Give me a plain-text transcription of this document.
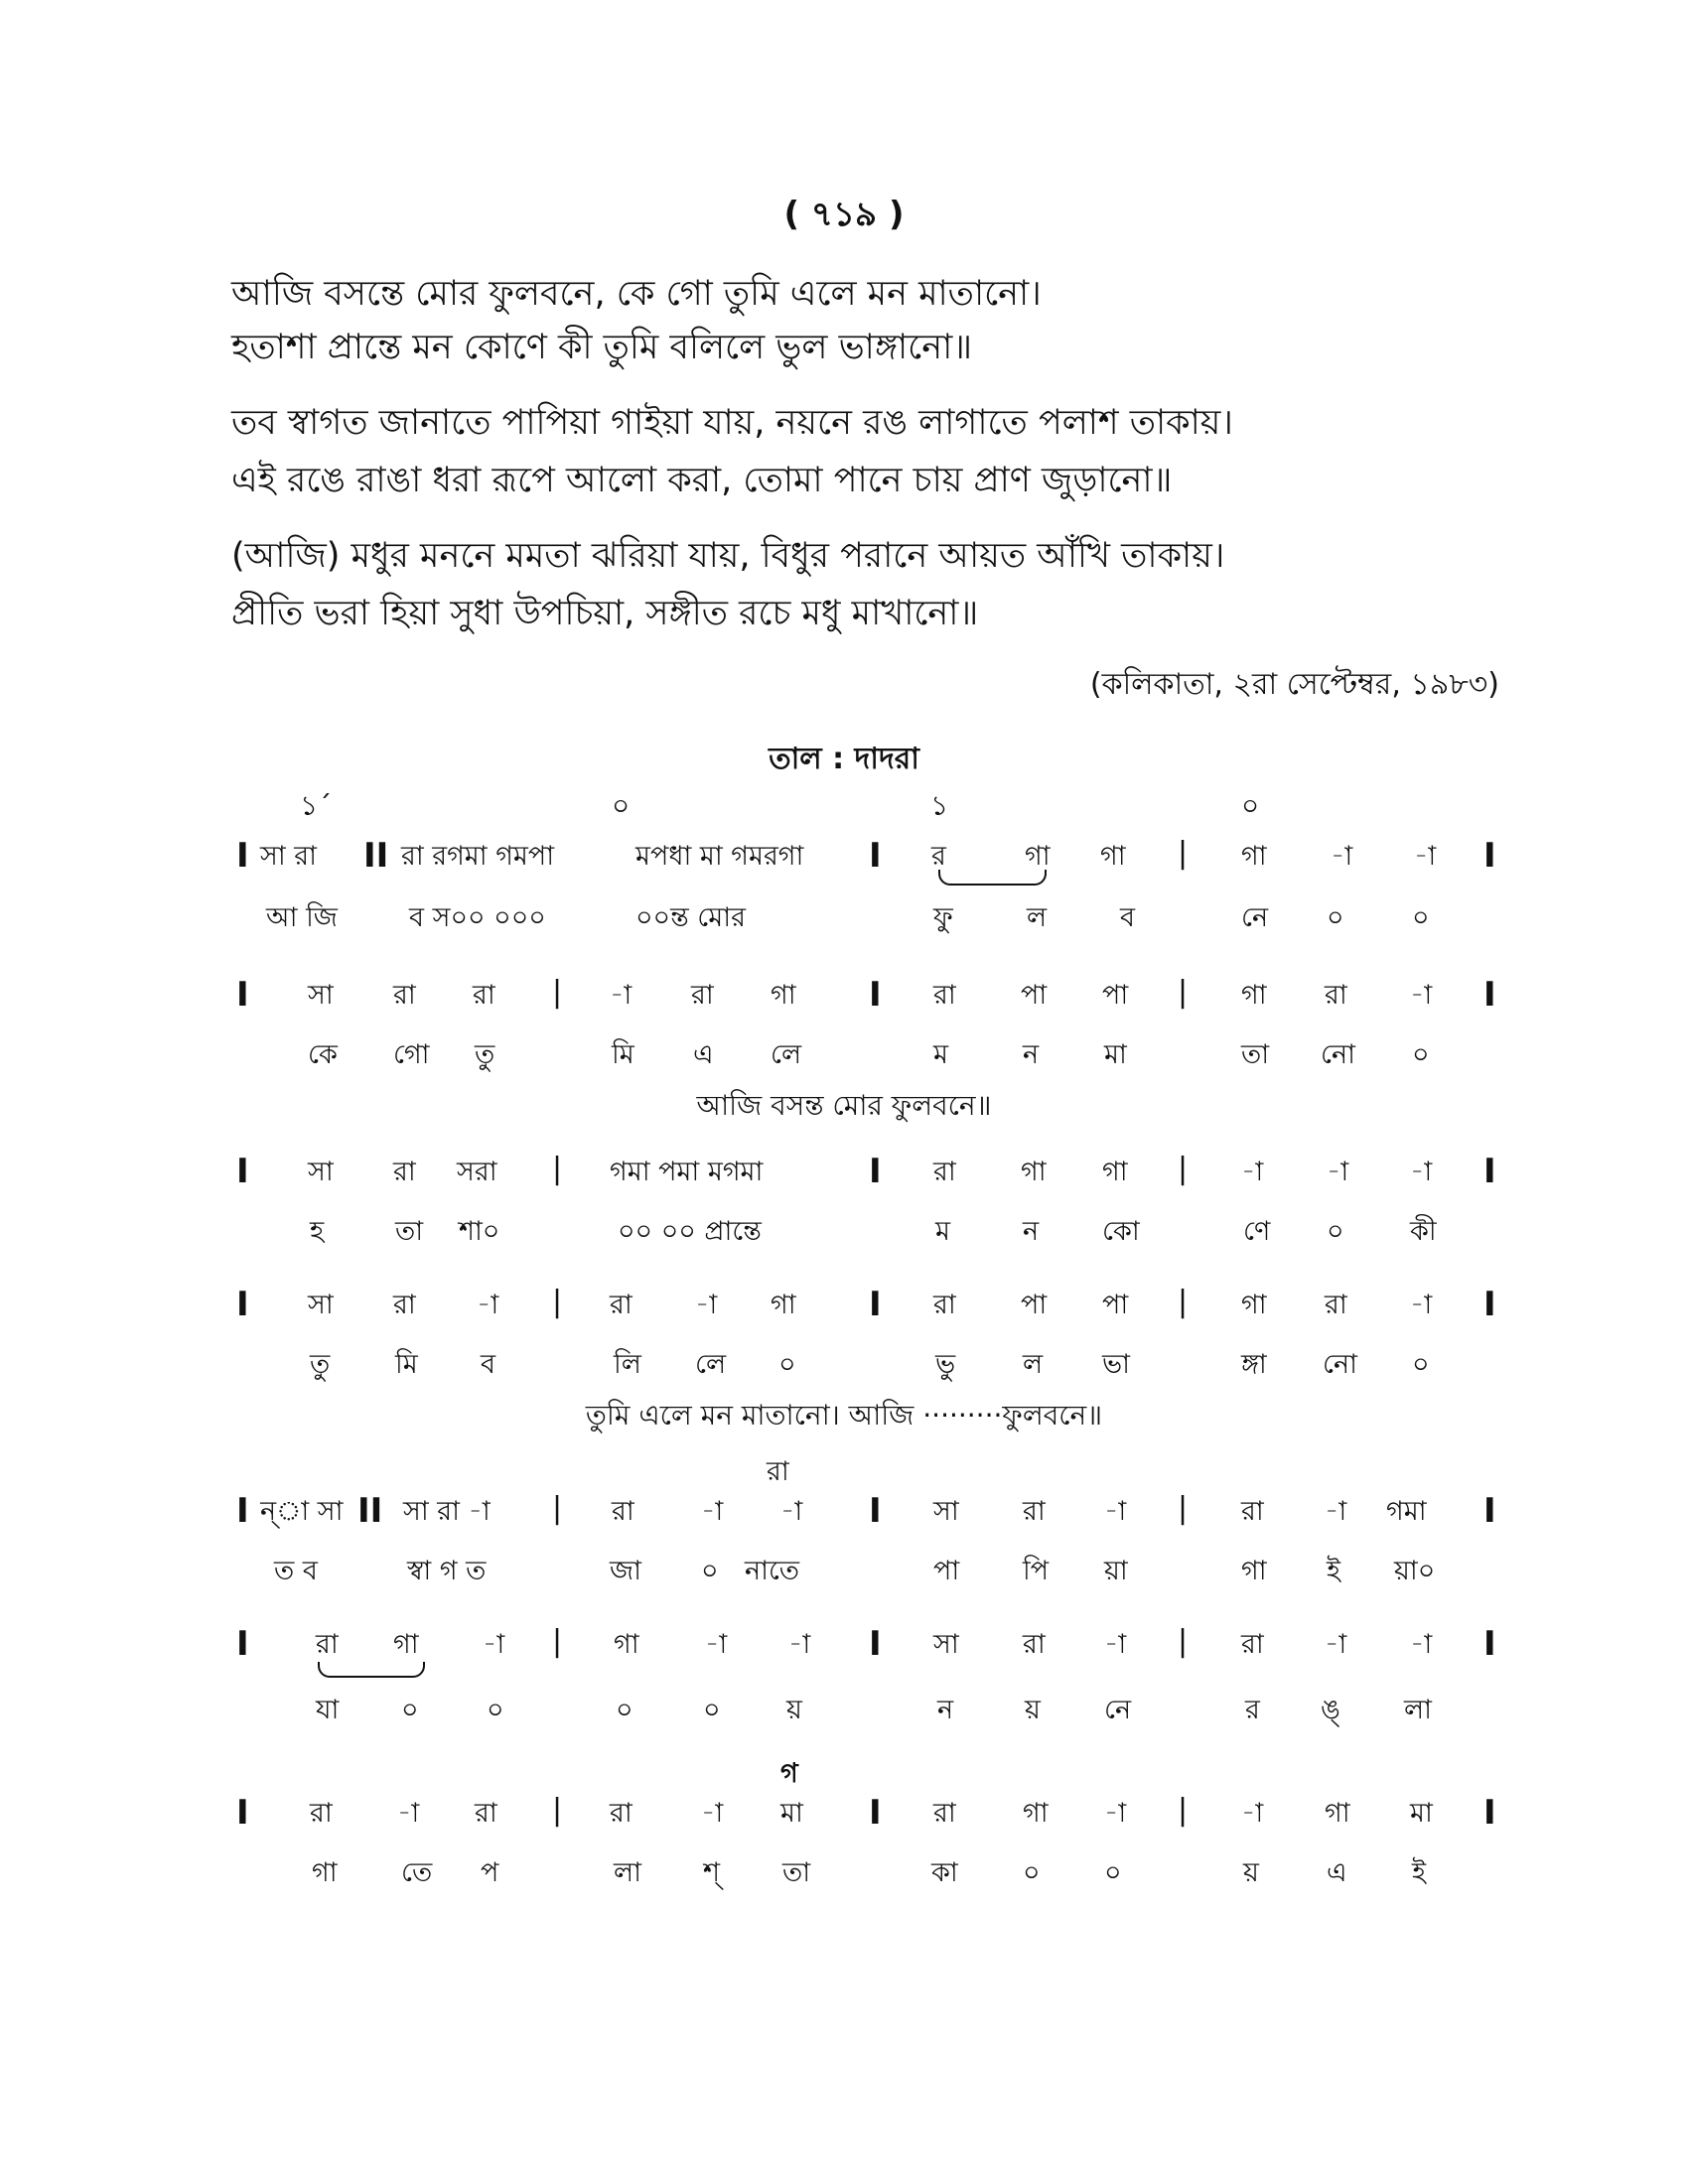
( ৭১৯ )
আজি বসন্তে মোর ফুলবনে, কে গো তুমি এলে মন মাতানো।
হতাশা প্রান্তে মন কোণে কী তুমি বলিলে ভুল ভাঙ্গানো॥
তব স্বাগত জানাতে পাপিয়া গাইয়া যায়, নয়নে রঙ লাগাতে পলাশ তাকায়।
এই রঙে রাঙা ধরা রূপে আলো করা, তোমা পানে চায় প্রাণ জুড়ানো॥
(আজি) মধুর মননে মমতা ঝরিয়া যায়, বিধুর পরানে আয়ত আঁখি তাকায়।
প্রীতি ভরা হিয়া সুধা উপচিয়া, সঙ্গীত রচে মধু মাখানো॥
(কলিকাতা, ২রা সেপ্টেম্বর, ১৯৮৩)
তাল : দাদরা
১´	০	১	০
I সা রা II রা রগমা গমপা	মপধা মা গমরগা I র	গা গা | গা -া -া I
আ জি	ব স০০ ০০০	০০ন্ত মোর	ফু	ল	ব	নে ০	০
I সা রা রা | -া রা গা I রা পা পা | গা রা -া I
কে গো তু	মি এ লে	ম	ন মা	তা নো ০
আজি বসন্ত মোর ফুলবনে॥
I সা রা সরা | গমা পমা মগমা	I রা গা গা | -া -া -া I
হ	তা শা০	০০ ০০ প্রান্তে	ম	ন কো	ণে ০ কী
I সা রা -া | রা -া গা I রা পা পা | গা রা -া I
তু মি ব	লি লে ০	ভু	ল ভা	ঙ্গা নো ০
তুমি এলে মন মাতানো। আজি ·········ফুলবনে॥
রা
I ন্‌া সা II সা রা -া | রা -া -া I সা রা -া | রা -া গমা I
ত ব	স্বা গ ত	জা ০ নাতে	পা পি য়া	গা ই য়া০
I রা গা -া | গা -া -া I সা রা -া | রা -া -া I
যা ০	০	০	০ য়	ন	য় নে	র ঙ্‌ লা
গ
I রা -া রা | রা	-া মা I রা গা -া | -া গা মা I
গা তে প	লা শ্‌ তা	কা ০ ০	য়	এ ই
